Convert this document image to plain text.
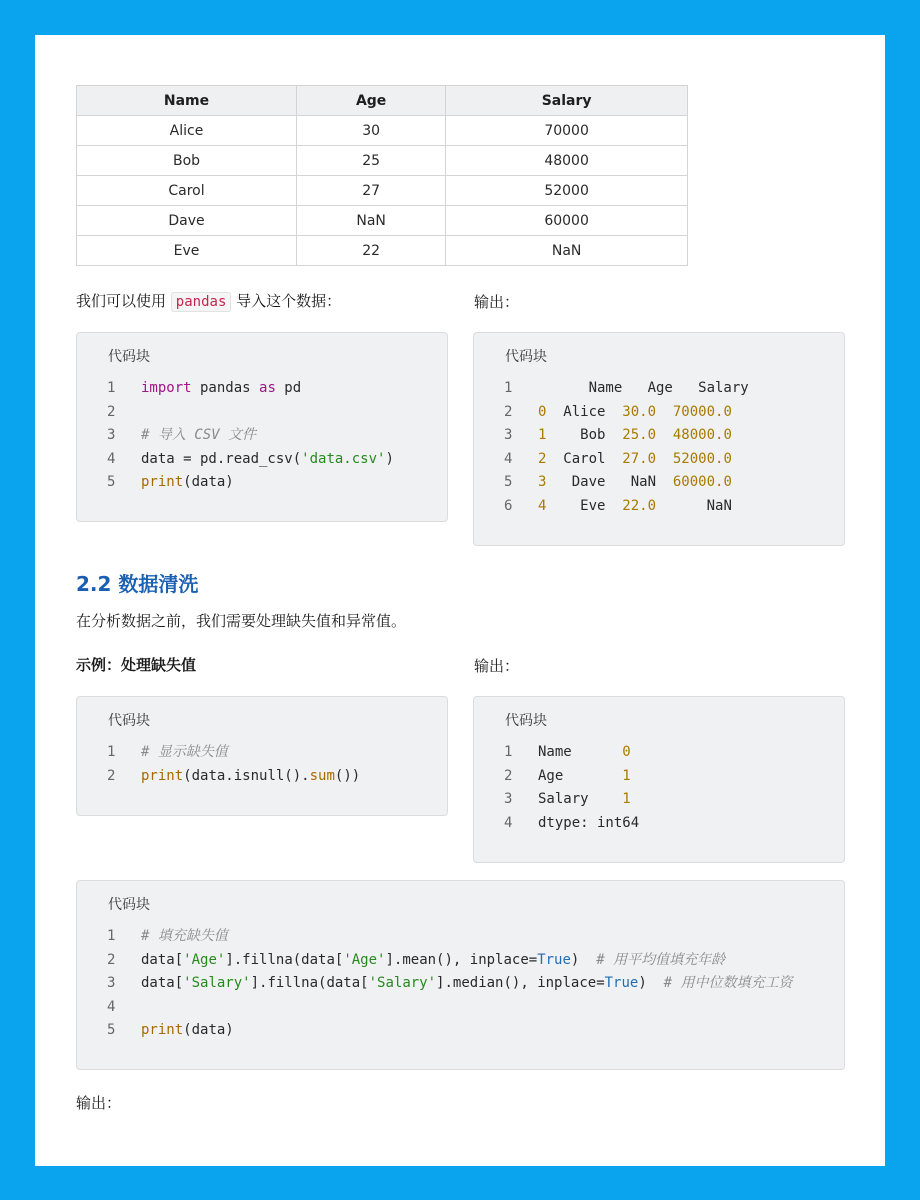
Name	Age	Salary
Alice	30	70000
Bob	25	48000
Carol	27	52000
Dave	NaN	60000
Eve	22	NaN
我们可以使用 pandas 导入这个数据：	输出：
代码块
1	import pandas as pd
2
3	# 导入 CSV 文件
4	data = pd.read_csv('data.csv')
5	print(data)
代码块
1	Name   Age   Salary
2	0  Alice  30.0 70000.0
3	1    Bob  25.0 48000.0
4	2  Carol  27.0 52000.0
5	3   Dave   NaN  60000.0
6	4    Eve  22.0      NaN
2.2 数据清洗
在分析数据之前，我们需要处理缺失值和异常值。
示例：处理缺失值	输出：
代码块
1	# 显示缺失值
2	print(data.isnull().sum())
代码块
1	Name      0
2	Age       1
3	Salary    1
4	dtype: int64
代码块
1	# 填充缺失值
2	data['Age'].fillna(data['Age'].mean(), inplace=True)  # 用平均值填充年龄
3	data['Salary'].fillna(data['Salary'].median(), inplace=True)  # 用中位数填充工资
4
5	print(data)
输出：
